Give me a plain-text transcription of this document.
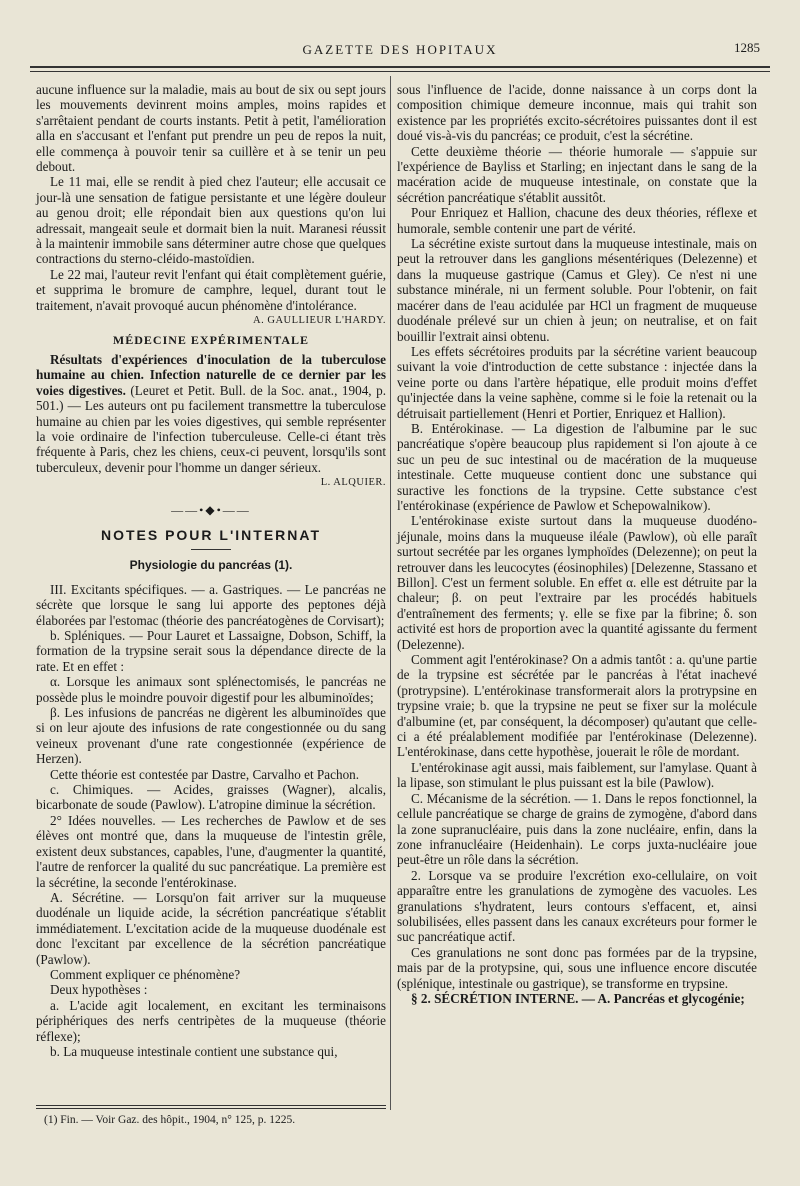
GAZETTE DES HOPITAUX	1285

aucune influence sur la maladie, mais au bout de six ou sept jours les mouvements devinrent moins amples, moins rapides et s'arrêtaient pendant de courts instants. Petit à petit, l'amélioration alla en s'accusant et l'enfant put prendre un peu de repos la nuit, elle commença à pouvoir tenir sa cuillère et à se tenir un peu debout.

Le 11 mai, elle se rendit à pied chez l'auteur; elle accusait ce jour-là une sensation de fatigue persistante et une légère douleur au genou droit; elle répondait bien aux questions qu'on lui adressait, mangeait seule et dormait bien la nuit. Maranesi réussit à la maintenir immobile sans déterminer autre chose que quelques contractions du sterno-cléido-mastoïdien.

Le 22 mai, l'auteur revit l'enfant qui était complètement guérie, et supprima le bromure de camphre, lequel, durant tout le traitement, n'avait provoqué aucun phénomène d'intolérance.

A. GAULLIEUR L'HARDY.
MÉDECINE EXPÉRIMENTALE

Résultats d'expériences d'inoculation de la tuberculose humaine au chien. Infection naturelle de ce dernier par les voies digestives. (Leuret et Petit. Bull. de la Soc. anat., 1904, p. 501.) — Les auteurs ont pu facilement transmettre la tuberculose humaine au chien par les voies digestives, qui semble représenter la voie ordinaire de l'infection tuberculeuse. Celle-ci étant très fréquente à Paris, chez les chiens, ceux-ci peuvent, lorsqu'ils sont tuberculeux, devenir pour l'homme un danger sérieux.

L. ALQUIER.
——•◆•——
NOTES POUR L'INTERNAT
Physiologie du pancréas (1).

III. Excitants spécifiques. — a. Gastriques. — Le pancréas ne sécrète que lorsque le sang lui apporte des peptones déjà élaborées par l'estomac (théorie des pancréatogènes de Corvisart);

b. Spléniques. — Pour Lauret et Lassaigne, Dobson, Schiff, la formation de la trypsine serait sous la dépendance directe de la rate. Et en effet :

α. Lorsque les animaux sont splénectomisés, le pancréas ne possède plus le moindre pouvoir digestif pour les albuminoïdes;

β. Les infusions de pancréas ne digèrent les albuminoïdes que si on leur ajoute des infusions de rate congestionnée ou du sang veineux provenant d'une rate congestionnée (expérience de Herzen).

Cette théorie est contestée par Dastre, Carvalho et Pachon.

c. Chimiques. — Acides, graisses (Wagner), alcalis, bicarbonate de soude (Pawlow). L'atropine diminue la sécrétion.

2° Idées nouvelles. — Les recherches de Pawlow et de ses élèves ont montré que, dans la muqueuse de l'intestin grêle, existent deux substances, capables, l'une, d'augmenter la quantité, l'autre de renforcer la qualité du suc pancréatique. La première est la sécrétine, la seconde l'entérokinase.

A. Sécrétine. — Lorsqu'on fait arriver sur la muqueuse duodénale un liquide acide, la sécrétion pancréatique s'établit immédiatement. L'excitation acide de la muqueuse duodénale est donc l'excitant par excellence de la sécrétion pancréatique (Pawlow).

Comment expliquer ce phénomène?

Deux hypothèses :

a. L'acide agit localement, en excitant les terminaisons périphériques des nerfs centripètes de la muqueuse (théorie réflexe);

b. La muqueuse intestinale contient une substance qui,

sous l'influence de l'acide, donne naissance à un corps dont la composition chimique demeure inconnue, mais qui trahit son existence par les propriétés excito-sécrétoires puissantes dont il est doué vis-à-vis du pancréas; ce produit, c'est la sécrétine.

Cette deuxième théorie — théorie humorale — s'appuie sur l'expérience de Bayliss et Starling; en injectant dans le sang de la macération acide de muqueuse intestinale, on constate que la sécrétion pancréatique s'établit aussitôt.

Pour Enriquez et Hallion, chacune des deux théories, réflexe et humorale, semble contenir une part de vérité.

La sécrétine existe surtout dans la muqueuse intestinale, mais on peut la retrouver dans les ganglions mésentériques (Delezenne) et dans la muqueuse gastrique (Camus et Gley). Ce n'est ni une substance minérale, ni un ferment soluble. Pour l'obtenir, on fait macérer dans de l'eau acidulée par HCl un fragment de muqueuse duodénale prélevé sur un chien à jeun; on neutralise, et on fait bouillir l'extrait ainsi obtenu.

Les effets sécrétoires produits par la sécrétine varient beaucoup suivant la voie d'introduction de cette substance : injectée dans la veine porte ou dans l'artère hépatique, elle produit moins d'effet qu'injectée dans la veine saphène, comme si le foie la retenait ou la détruisait partiellement (Henri et Portier, Enriquez et Hallion).

B. Entérokinase. — La digestion de l'albumine par le suc pancréatique s'opère beaucoup plus rapidement si l'on ajoute à ce suc un peu de suc intestinal ou de macération de la muqueuse intestinale. Cette muqueuse contient donc une substance qui suractive les fonctions de la trypsine. Cette substance c'est l'entérokinase (expérience de Pawlow et Schepowalnikow).

L'entérokinase existe surtout dans la muqueuse duodéno-jéjunale, moins dans la muqueuse iléale (Pawlow), où elle paraît surtout secrétée par les organes lymphoïdes (Delezenne); on peut la retrouver dans les leucocytes (éosinophiles) [Delezenne, Stassano et Billon]. C'est un ferment soluble. En effet α. elle est détruite par la chaleur; β. on peut l'extraire par les procédés habituels d'entraînement des ferments; γ. elle se fixe par la fibrine; δ. son activité est hors de proportion avec la quantité agissante du ferment (Delezenne).

Comment agit l'entérokinase? On a admis tantôt : a. qu'une partie de la trypsine est sécrétée par le pancréas à l'état inachevé (protrypsine). L'entérokinase transformerait alors la protrypsine en trypsine vraie; b. que la trypsine ne peut se fixer sur la molécule d'albumine (et, par conséquent, la décomposer) qu'autant que celle-ci a été préalablement modifiée par l'entérokinase (Delezenne). L'entérokinase, dans cette hypothèse, jouerait le rôle de mordant.

L'entérokinase agit aussi, mais faiblement, sur l'amylase. Quant à la lipase, son stimulant le plus puissant est la bile (Pawlow).

C. Mécanisme de la sécrétion. — 1. Dans le repos fonctionnel, la cellule pancréatique se charge de grains de zymogène, d'abord dans la zone supranucléaire, puis dans la zone nucléaire, enfin, dans la zone infranucléaire (Heidenhain). Le corps juxta-nucléaire joue peut-être un rôle dans la sécrétion.

2. Lorsque va se produire l'excrétion exo-cellulaire, on voit apparaître entre les granulations de zymogène des vacuoles. Les granulations s'hydratent, leurs contours s'effacent, et, ainsi solubilisées, elles passent dans les canaux excréteurs pour former le suc pancréatique actif.

Ces granulations ne sont donc pas formées par de la trypsine, mais par de la protypsine, qui, sous une influence encore discutée (splénique, intestinale ou gastrique), se transforme en trypsine.

§ 2. SÉCRÉTION INTERNE. — A. Pancréas et glycogénie;

(1) Fin. — Voir Gaz. des hôpit., 1904, n° 125, p. 1225.
